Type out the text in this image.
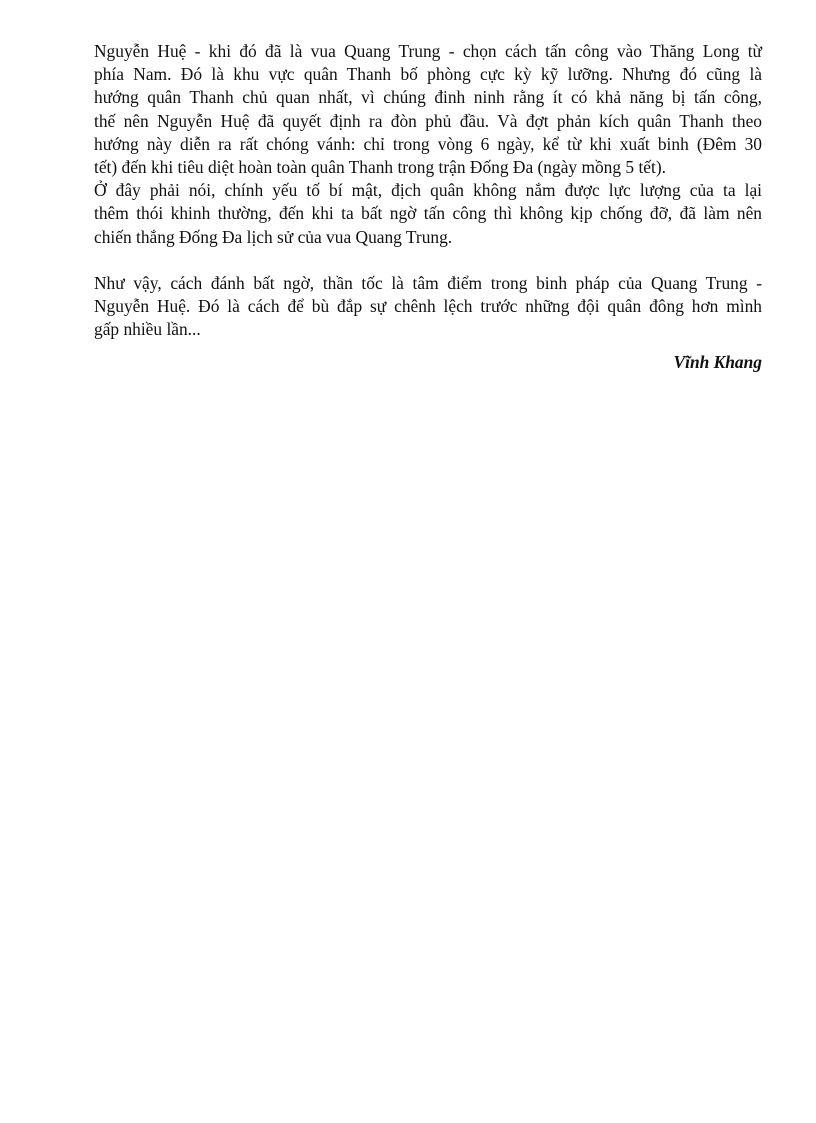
Nguyễn Huệ - khi đó đã là vua Quang Trung - chọn cách tấn công vào Thăng Long từ
phía Nam. Đó là khu vực quân Thanh bố phòng cực kỳ kỹ lưỡng. Nhưng đó cũng là
hướng quân Thanh chủ quan nhất, vì chúng đinh ninh rằng ít có khả năng bị tấn công,
thế nên Nguyễn Huệ đã quyết định ra đòn phủ đầu. Và đợt phản kích quân Thanh theo
hướng này diễn ra rất chóng vánh: chỉ trong vòng 6 ngày, kể từ khi xuất binh (Đêm 30
tết) đến khi tiêu diệt hoàn toàn quân Thanh trong trận Đống Đa (ngày mồng 5 tết).
Ở đây phải nói, chính yếu tố bí mật, địch quân không nắm được lực lượng của ta lại
thêm thói khinh thường, đến khi ta bất ngờ tấn công thì không kịp chống đỡ, đã làm nên
chiến thắng Đống Đa lịch sử của vua Quang Trung.

Như vậy, cách đánh bất ngờ, thần tốc là tâm điểm trong binh pháp của Quang Trung -
Nguyễn Huệ. Đó là cách để bù đắp sự chênh lệch trước những đội quân đông hơn mình
gấp nhiều lần...

Vĩnh Khang
